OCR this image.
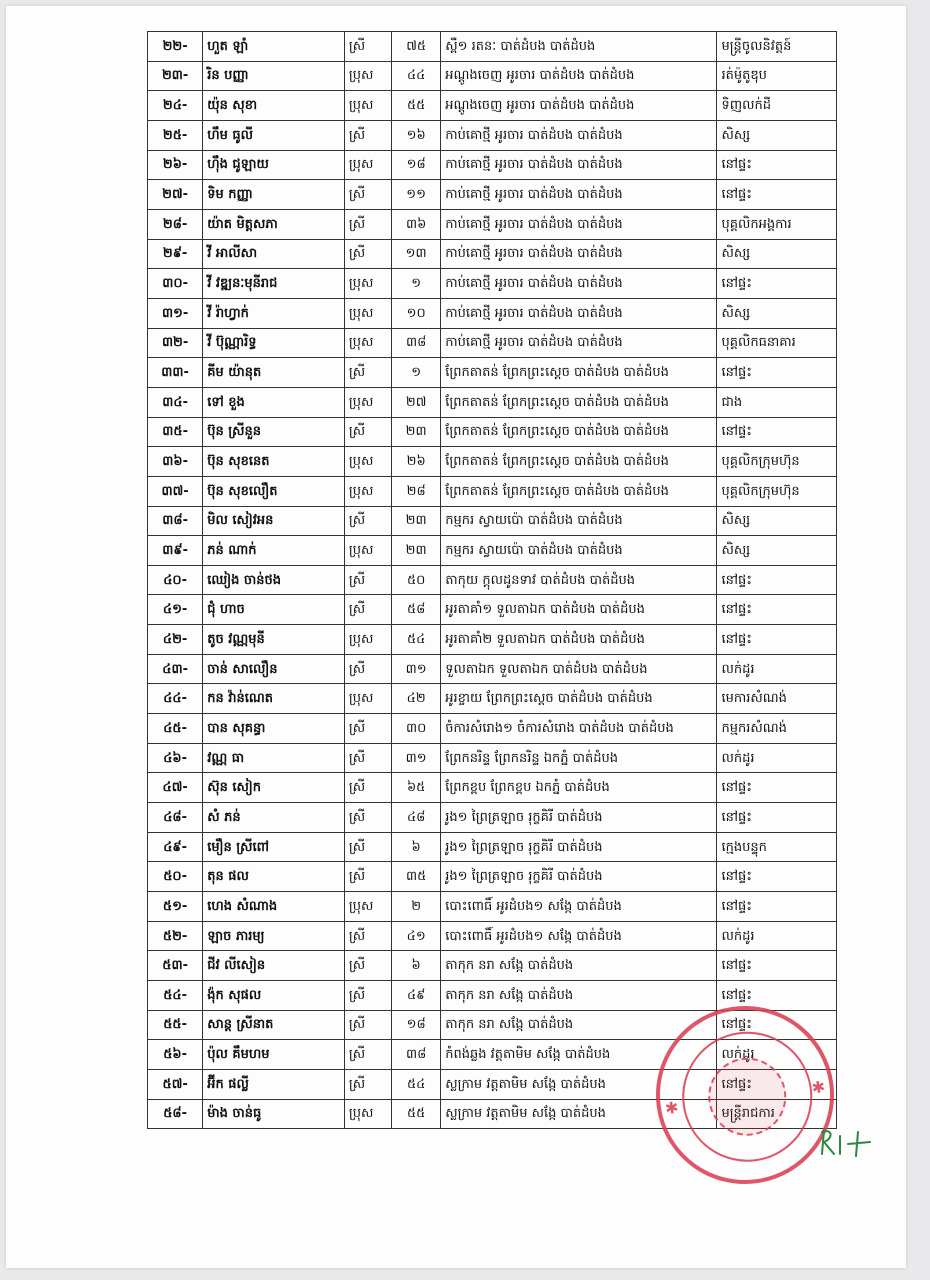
២២-	ហួត ឡាំ	ស្រី	៧៥	ស្ពឺ១ រតនៈ បាត់ដំបង បាត់ដំបង	មន្ត្រីចូលនិវត្តន៍
២៣-	រិន បញ្ញា	ប្រុស	៤៤	អណ្ដូងចេញ អូរចារ បាត់ដំបង បាត់ដំបង	រត់ម៉ូតូឌុប
២៤-	យ៉ុន សុខា	ប្រុស	៥៥	អណ្ដូងចេញ អូរចារ បាត់ដំបង បាត់ដំបង	ទិញលក់ដី
២៥-	ហឹម ធូលី	ស្រី	១៦	កាប់គោថ្មី អូរចារ បាត់ដំបង បាត់ដំបង	សិស្ស
២៦-	ហ៊ឹង ជូឡាយ	ប្រុស	១៨	កាប់គោថ្មី អូរចារ បាត់ដំបង បាត់ដំបង	នៅផ្ទះ
២៧-	ទិម កញ្ញា	ស្រី	១១	កាប់គោថ្មី អូរចារ បាត់ដំបង បាត់ដំបង	នៅផ្ទះ
២៨-	យ៉ាត មិត្តសភា	ស្រី	៣៦	កាប់គោថ្មី អូរចារ បាត់ដំបង បាត់ដំបង	បុគ្គលិកអង្គការ
២៩-	វី អាលីសា	ស្រី	១៣	កាប់គោថ្មី អូរចារ បាត់ដំបង បាត់ដំបង	សិស្ស
៣០-	វី វឌ្ឍនៈមុនីរាជ	ប្រុស	១	កាប់គោថ្មី អូរចារ បាត់ដំបង បាត់ដំបង	នៅផ្ទះ
៣១-	វី រ៉ាហ្វាក់	ប្រុស	១០	កាប់គោថ្មី អូរចារ បាត់ដំបង បាត់ដំបង	សិស្ស
៣២-	វី ប៊ុណ្ណារិទ្ធ	ប្រុស	៣៨	កាប់គោថ្មី អូរចារ បាត់ដំបង បាត់ដំបង	បុគ្គលិកធនាគារ
៣៣-	គីម យ៉ានុត	ស្រី	១	ព្រែកតាតន់ ព្រែកព្រះស្ដេច បាត់ដំបង បាត់ដំបង	នៅផ្ទះ
៣៤-	ទៅ ខួង	ប្រុស	២៧	ព្រែកតាតន់ ព្រែកព្រះស្ដេច បាត់ដំបង បាត់ដំបង	ជាង
៣៥-	ប៊ុន ស្រីនួន	ស្រី	២៣	ព្រែកតាតន់ ព្រែកព្រះស្ដេច បាត់ដំបង បាត់ដំបង	នៅផ្ទះ
៣៦-	ប៊ុន សុខនេត	ប្រុស	២៦	ព្រែកតាតន់ ព្រែកព្រះស្ដេច បាត់ដំបង បាត់ដំបង	បុគ្គលិកក្រុមហ៊ុន
៣៧-	ប៊ុន សុខលឿត	ប្រុស	២៨	ព្រែកតាតន់ ព្រែកព្រះស្ដេច បាត់ដំបង បាត់ដំបង	បុគ្គលិកក្រុមហ៊ុន
៣៨-	មិល សៀវអន	ស្រី	២៣	កម្មករ ស្វាយប៉ោ បាត់ដំបង បាត់ដំបង	សិស្ស
៣៩-	ភន់ ណាក់	ប្រុស	២៣	កម្មករ ស្វាយប៉ោ បាត់ដំបង បាត់ដំបង	សិស្ស
៤០-	ឈៀង ចាន់ថង	ស្រី	៥០	តាកុយ ក្ដុលដូនទាវ បាត់ដំបង បាត់ដំបង	នៅផ្ទះ
៤១-	ជុំ ហាច	ស្រី	៥៨	អូរតាគាំ១ ទួលតាឯក បាត់ដំបង បាត់ដំបង	នៅផ្ទះ
៤២-	តូច វណ្ណមុនី	ប្រុស	៥៤	អូរតាគាំ២ ទួលតាឯក បាត់ដំបង បាត់ដំបង	នៅផ្ទះ
៤៣-	ចាន់ សាលឿន	ស្រី	៣១	ទួលតាឯក ទួលតាឯក បាត់ដំបង បាត់ដំបង	លក់ដូរ
៤៤-	កន វ៉ាន់ណេត	ប្រុស	៤២	អូរខ្ចាយ ព្រែកព្រះស្ដេច បាត់ដំបង បាត់ដំបង	មេការសំណង់
៤៥-	បាន សុគន្ធា	ស្រី	៣០	ចំការសំរោង១ ចំការសំរោង បាត់ដំបង បាត់ដំបង	កម្មករសំណង់
៤៦-	វណ្ណ ធា	ស្រី	៣១	ព្រែកនរិន្ទ ព្រែកនរិន្ទ ឯកភ្នំ បាត់ដំបង	លក់ដូរ
៤៧-	ស៊ុន សៀក	ស្រី	៦៥	ព្រែកខ្ពប ព្រែកខ្ពប ឯកភ្នំ បាត់ដំបង	នៅផ្ទះ
៤៨-	សំ ភន់	ស្រី	៤៨	រូង១ ព្រៃត្រឡាច រុក្ខគិរី បាត់ដំបង	នៅផ្ទះ
៤៩-	មឿន ស្រីពៅ	ស្រី	៦	រូង១ ព្រៃត្រឡាច រុក្ខគិរី បាត់ដំបង	ក្មេងបន្ទុក
៥០-	តុន ផល	ស្រី	៣៥	រូង១ ព្រៃត្រឡាច រុក្ខគិរី បាត់ដំបង	នៅផ្ទះ
៥១-	ហេង សំណាង	ប្រុស	២	បោះពោធិ៍ អូរដំបង១ សង្កែ បាត់ដំបង	នៅផ្ទះ
៥២-	ឡាច ភារម្យ	ស្រី	៤១	បោះពោធិ៍ អូរដំបង១ សង្កែ បាត់ដំបង	លក់ដូរ
៥៣-	ជីវ លីសៀន	ស្រី	៦	តាកុក នរា សង្កែ បាត់ដំបង	នៅផ្ទះ
៥៤-	ង៉ុក សុផល	ស្រី	៤៩	តាកុក នរា សង្កែ បាត់ដំបង	នៅផ្ទះ
៥៥-	សាន្ត ស្រីនាត	ស្រី	១៨	តាកុក នរា សង្កែ បាត់ដំបង	នៅផ្ទះ
៥៦-	ប៉ុល គឹមហម	ស្រី	៣៨	កំពង់ឆ្លង វត្តតាមិម សង្កែ បាត់ដំបង	លក់ដូរ
៥៧-	អ៊ីក ផល្លី	ស្រី	៥៤	ស្លក្រាម វត្តតាមិម សង្កែ បាត់ដំបង	នៅផ្ទះ
៥៨-	ម៉ាង ចាន់ធូ	ប្រុស	៥៥	ស្លក្រាម វត្តតាមិម សង្កែ បាត់ដំបង	មន្ត្រីរាជការ
✱
✱
